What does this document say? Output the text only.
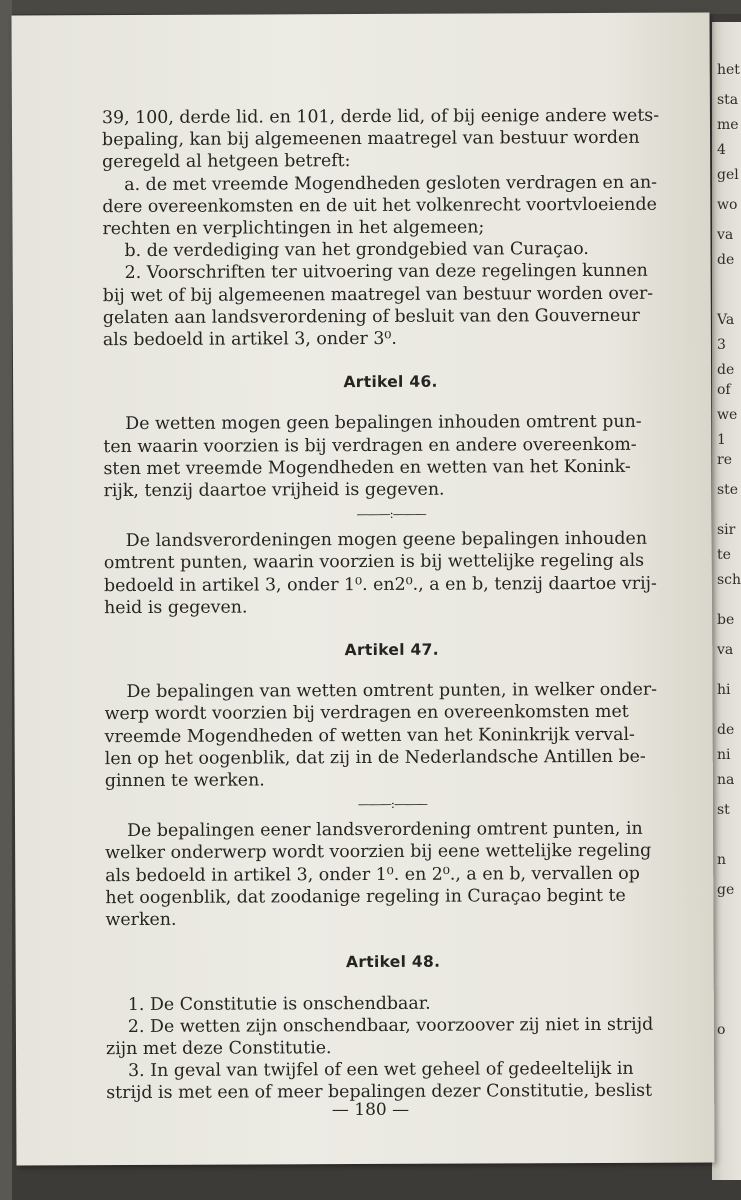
het
sta
me
4
gel
wo
va
de
Va
3
de
of
we
1
re
ste
sir
te
sch
be
va
hi
de
ni
na
st
n
ge
o
39, 100, derde lid. en 101, derde lid, of bij eenige andere wets-
bepaling, kan bij algemeenen maatregel van bestuur worden
geregeld al hetgeen betreft:
a. de met vreemde Mogendheden gesloten verdragen en an-
dere overeenkomsten en de uit het volkenrecht voortvloeiende
rechten en verplichtingen in het algemeen;
b. de verdediging van het grondgebied van Curaçao.
2. Voorschriften ter uitvoering van deze regelingen kunnen
bij wet of bij algemeenen maatregel van bestuur worden over-
gelaten aan landsverordening of besluit van den Gouverneur
als bedoeld in artikel 3, onder 3⁰.
Artikel 46.
De wetten mogen geen bepalingen inhouden omtrent pun-
ten waarin voorzien is bij verdragen en andere overeenkom-
sten met vreemde Mogendheden en wetten van het Konink-
rijk, tenzij daartoe vrijheid is gegeven.
———:———
De landsverordeningen mogen geene bepalingen inhouden
omtrent punten, waarin voorzien is bij wettelijke regeling als
bedoeld in artikel 3, onder 1⁰. en2⁰., a en b, tenzij daartoe vrij-
heid is gegeven.
Artikel 47.
De bepalingen van wetten omtrent punten, in welker onder-
werp wordt voorzien bij verdragen en overeenkomsten met
vreemde Mogendheden of wetten van het Koninkrijk verval-
len op het oogenblik, dat zij in de Nederlandsche Antillen be-
ginnen te werken.
———:———
De bepalingen eener landsverordening omtrent punten, in
welker onderwerp wordt voorzien bij eene wettelijke regeling
als bedoeld in artikel 3, onder 1⁰. en 2⁰., a en b, vervallen op
het oogenblik, dat zoodanige regeling in Curaçao begint te
werken.
Artikel 48.
1. De Constitutie is onschendbaar.
2. De wetten zijn onschendbaar, voorzoover zij niet in strijd
zijn met deze Constitutie.
3. In geval van twijfel of een wet geheel of gedeeltelijk in
strijd is met een of meer bepalingen dezer Constitutie, beslist
— 180 —
